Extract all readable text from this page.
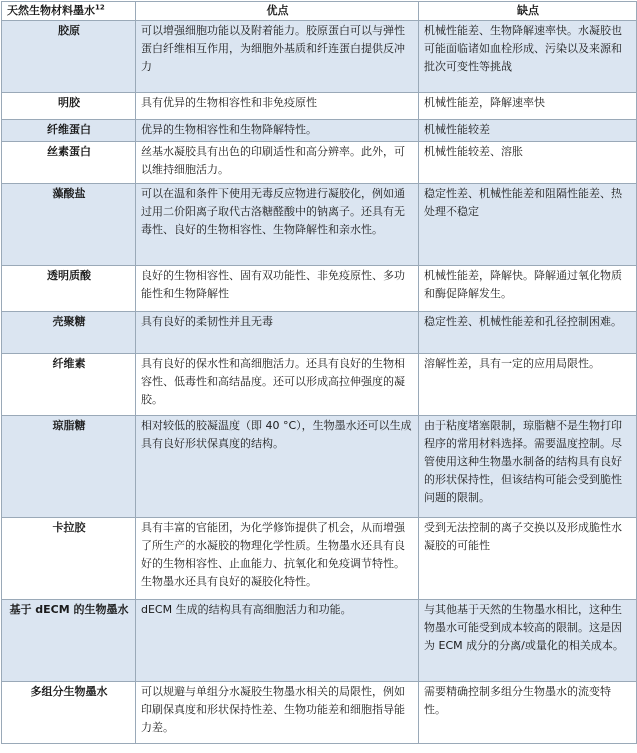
天然生物材料墨水$^{12}$	优点	缺点
胶原	可以增强细胞功能以及附着能力。胶原蛋白可以与弹性蛋白纤维相互作用，为细胞外基质和纤连蛋白提供反冲力	机械性能差、生物降解速率快。水凝胶也可能面临诸如血栓形成、污染以及来源和批次可变性等挑战
明胶	具有优异的生物相容性和非免疫原性	机械性能差，降解速率快
纤维蛋白	优异的生物相容性和生物降解特性。	机械性能较差
丝素蛋白	丝基水凝胶具有出色的印刷适性和高分辨率。此外，可以维持细胞活力。	机械性能较差、溶胀
藻酸盐	可以在温和条件下使用无毒反应物进行凝胶化，例如通过用二价阳离子取代古洛糖醛酸中的钠离子。还具有无毒性、良好的生物相容性、生物降解性和亲水性。	稳定性差、机械性能差和阻隔性能差、热处理不稳定
透明质酸	良好的生物相容性、固有双功能性、非免疫原性、多功能性和生物降解性	机械性能差，降解快。降解通过氧化物质和酶促降解发生。
壳聚糖	具有良好的柔韧性并且无毒	稳定性差、机械性能差和孔径控制困难。
纤维素	具有良好的保水性和高细胞活力。还具有良好的生物相容性、低毒性和高结晶度。还可以形成高拉伸强度的凝胶。	溶解性差，具有一定的应用局限性。
琼脂糖	相对较低的胶凝温度（即 40 °C），生物墨水还可以生成具有良好形状保真度的结构。	由于粘度堵塞限制，琼脂糖不是生物打印程序的常用材料选择。需要温度控制。尽管使用这种生物墨水制备的结构具有良好的形状保持性，但该结构可能会受到脆性问题的限制。
卡拉胶	具有丰富的官能团，为化学修饰提供了机会，从而增强了所生产的水凝胶的物理化学性质。生物墨水还具有良好的生物相容性、止血能力、抗氧化和免疫调节特性。生物墨水还具有良好的凝胶化特性。	受到无法控制的离子交换以及形成脆性水凝胶的可能性
基于 dECM 的生物墨水	dECM 生成的结构具有高细胞活力和功能。	与其他基于天然的生物墨水相比，这种生物墨水可能受到成本较高的限制。这是因为 ECM 成分的分离/或量化的相关成本。
多组分生物墨水	可以规避与单组分水凝胶生物墨水相关的局限性，例如印刷保真度和形状保持性差、生物功能差和细胞指导能力差。	需要精确控制多组分生物墨水的流变特性。
